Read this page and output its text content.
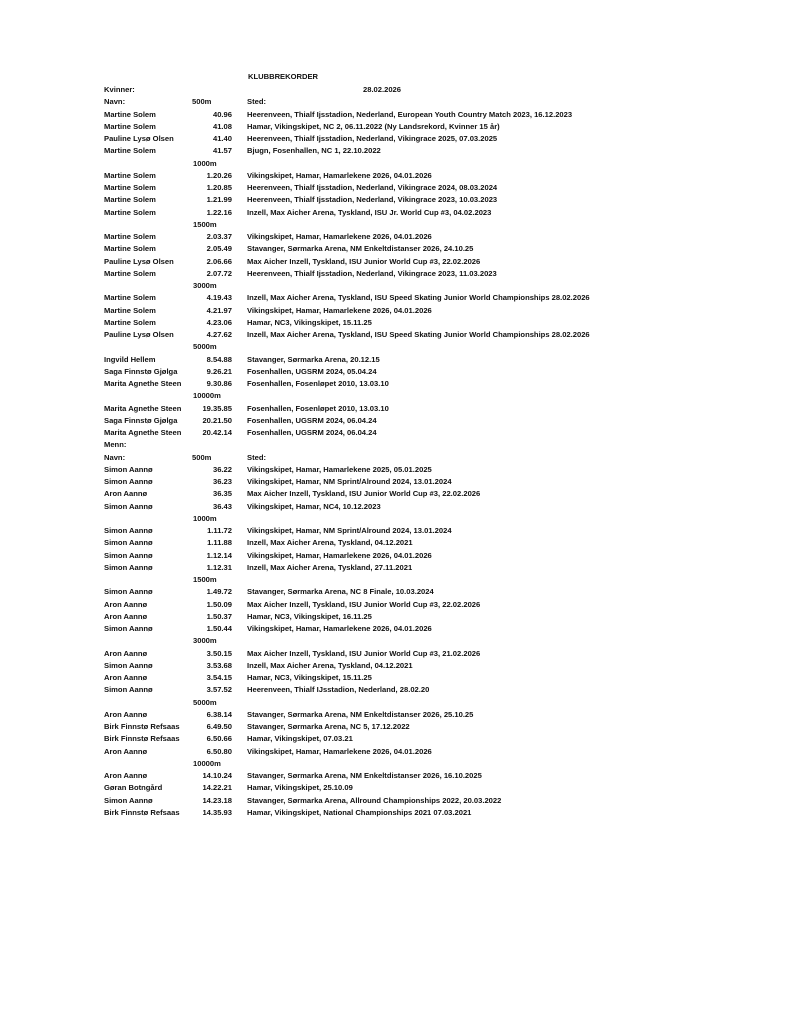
KLUBBREKORDER
Kvinner:	28.02.2026
Navn:	500m	Sted:
Martine Solem	40.96 Heerenveen, Thialf Ijsstadion, Nederland, European Youth Country Match 2023, 16.12.2023
Martine Solem	41.08 Hamar, Vikingskipet, NC 2, 06.11.2022 (Ny Landsrekord, Kvinner 15 år)
Pauline Lysø Olsen	41.40 Heerenveen, Thialf Ijsstadion, Nederland, Vikingrace 2025, 07.03.2025
Martine Solem	41.57 Bjugn, Fosenhallen, NC 1, 22.10.2022
1000m
Martine Solem	1.20.26 Vikingskipet, Hamar, Hamarlekene 2026, 04.01.2026
Martine Solem	1.20.85 Heerenveen, Thialf Ijsstadion, Nederland, Vikingrace 2024, 08.03.2024
Martine Solem	1.21.99 Heerenveen, Thialf Ijsstadion, Nederland, Vikingrace 2023, 10.03.2023
Martine Solem	1.22.16 Inzell, Max Aicher Arena, Tyskland, ISU Jr. World Cup #3, 04.02.2023
1500m
Martine Solem	2.03.37 Vikingskipet, Hamar, Hamarlekene 2026, 04.01.2026
Martine Solem	2.05.49 Stavanger, Sørmarka Arena, NM Enkeltdistanser 2026, 24.10.25
Pauline Lysø Olsen	2.06.66 Max Aicher Inzell, Tyskland, ISU Junior World Cup #3, 22.02.2026
Martine Solem	2.07.72 Heerenveen, Thialf Ijsstadion, Nederland, Vikingrace 2023, 11.03.2023
3000m
Martine Solem	4.19.43 Inzell, Max Aicher Arena, Tyskland, ISU Speed Skating Junior World Championships 28.02.2026
Martine Solem	4.21.97 Vikingskipet, Hamar, Hamarlekene 2026, 04.01.2026
Martine Solem	4.23.06 Hamar, NC3, Vikingskipet, 15.11.25
Pauline Lysø Olsen	4.27.62 Inzell, Max Aicher Arena, Tyskland, ISU Speed Skating Junior World Championships 28.02.2026
5000m
Ingvild Hellem	8.54.88 Stavanger, Sørmarka Arena, 20.12.15
Saga Finnstø Gjølga	9.26.21 Fosenhallen, UGSRM 2024, 05.04.24
Marita Agnethe Steen	9.30.86 Fosenhallen, Fosenløpet 2010, 13.03.10
10000m
Marita Agnethe Steen	19.35.85 Fosenhallen, Fosenløpet 2010, 13.03.10
Saga Finnstø Gjølga	20.21.50 Fosenhallen, UGSRM 2024, 06.04.24
Marita Agnethe Steen	20.42.14 Fosenhallen, UGSRM 2024, 06.04.24
Menn:
Navn:	500m	Sted:
Simon Aannø	36.22 Vikingskipet, Hamar, Hamarlekene 2025, 05.01.2025
Simon Aannø	36.23 Vikingskipet, Hamar, NM Sprint/Alround 2024, 13.01.2024
Aron Aannø	36.35 Max Aicher Inzell, Tyskland, ISU Junior World Cup #3, 22.02.2026
Simon Aannø	36.43 Vikingskipet, Hamar, NC4, 10.12.2023
1000m
Simon Aannø	1.11.72 Vikingskipet, Hamar, NM Sprint/Alround 2024, 13.01.2024
Simon Aannø	1.11.88 Inzell, Max Aicher Arena, Tyskland, 04.12.2021
Simon Aannø	1.12.14 Vikingskipet, Hamar, Hamarlekene 2026, 04.01.2026
Simon Aannø	1.12.31 Inzell, Max Aicher Arena, Tyskland, 27.11.2021
1500m
Simon Aannø	1.49.72 Stavanger, Sørmarka Arena, NC 8 Finale, 10.03.2024
Aron Aannø	1.50.09 Max Aicher Inzell, Tyskland, ISU Junior World Cup #3, 22.02.2026
Aron Aannø	1.50.37 Hamar, NC3, Vikingskipet, 16.11.25
Simon Aannø	1.50.44 Vikingskipet, Hamar, Hamarlekene 2026, 04.01.2026
3000m
Aron Aannø	3.50.15 Max Aicher Inzell, Tyskland, ISU Junior World Cup #3, 21.02.2026
Simon Aannø	3.53.68 Inzell, Max Aicher Arena, Tyskland, 04.12.2021
Aron Aannø	3.54.15 Hamar, NC3, Vikingskipet, 15.11.25
Simon Aannø	3.57.52 Heerenveen, Thialf IJsstadion, Nederland, 28.02.20
5000m
Aron Aannø	6.38.14 Stavanger, Sørmarka Arena, NM Enkeltdistanser 2026, 25.10.25
Birk Finnstø Refsaas	6.49.50 Stavanger, Sørmarka Arena, NC 5, 17.12.2022
Birk Finnstø Refsaas	6.50.66 Hamar, Vikingskipet, 07.03.21
Aron Aannø	6.50.80 Vikingskipet, Hamar, Hamarlekene 2026, 04.01.2026
10000m
Aron Aannø	14.10.24 Stavanger, Sørmarka Arena, NM Enkeltdistanser 2026, 16.10.2025
Gøran Botngård	14.22.21 Hamar, Vikingskipet, 25.10.09
Simon Aannø	14.23.18 Stavanger, Sørmarka Arena, Allround Championships 2022, 20.03.2022
Birk Finnstø Refsaas	14.35.93 Hamar, Vikingskipet, National Championships 2021 07.03.2021
